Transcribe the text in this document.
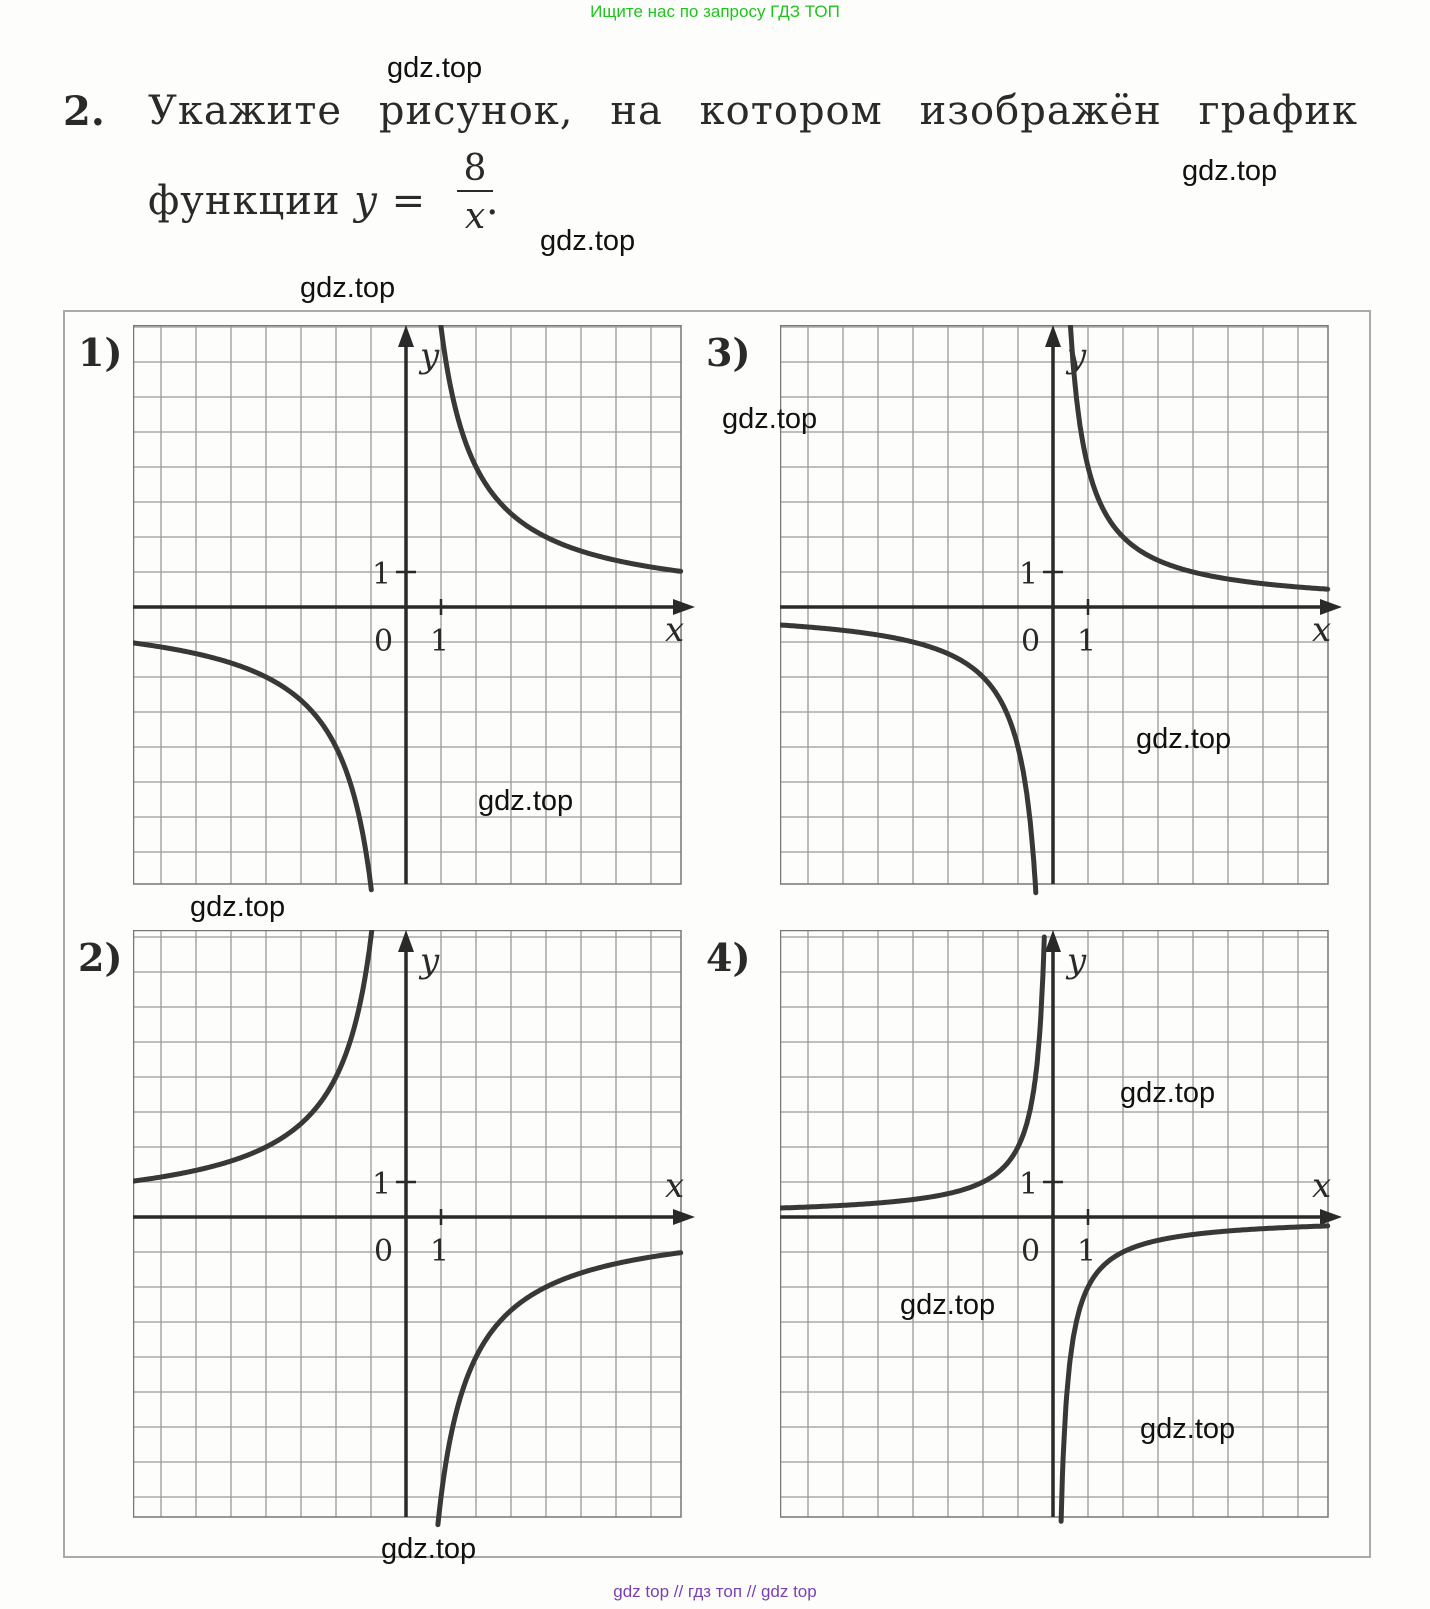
Ищите нас по запросу ГДЗ ТОП
2. Укажите рисунок, на котором изображён график
функции y = .
8
x
1)
2)
3)
4)
y
x
0 1
1
y
x
0 1
1
y
x
0 1
1
y
x
0 1
1
gdz.top
gdz.top
gdz.top
gdz.top
gdz.top
gdz.top
gdz.top
gdz.top
gdz.top
gdz.top
gdz.top
gdz.top
gdz top // гдз топ // gdz top
